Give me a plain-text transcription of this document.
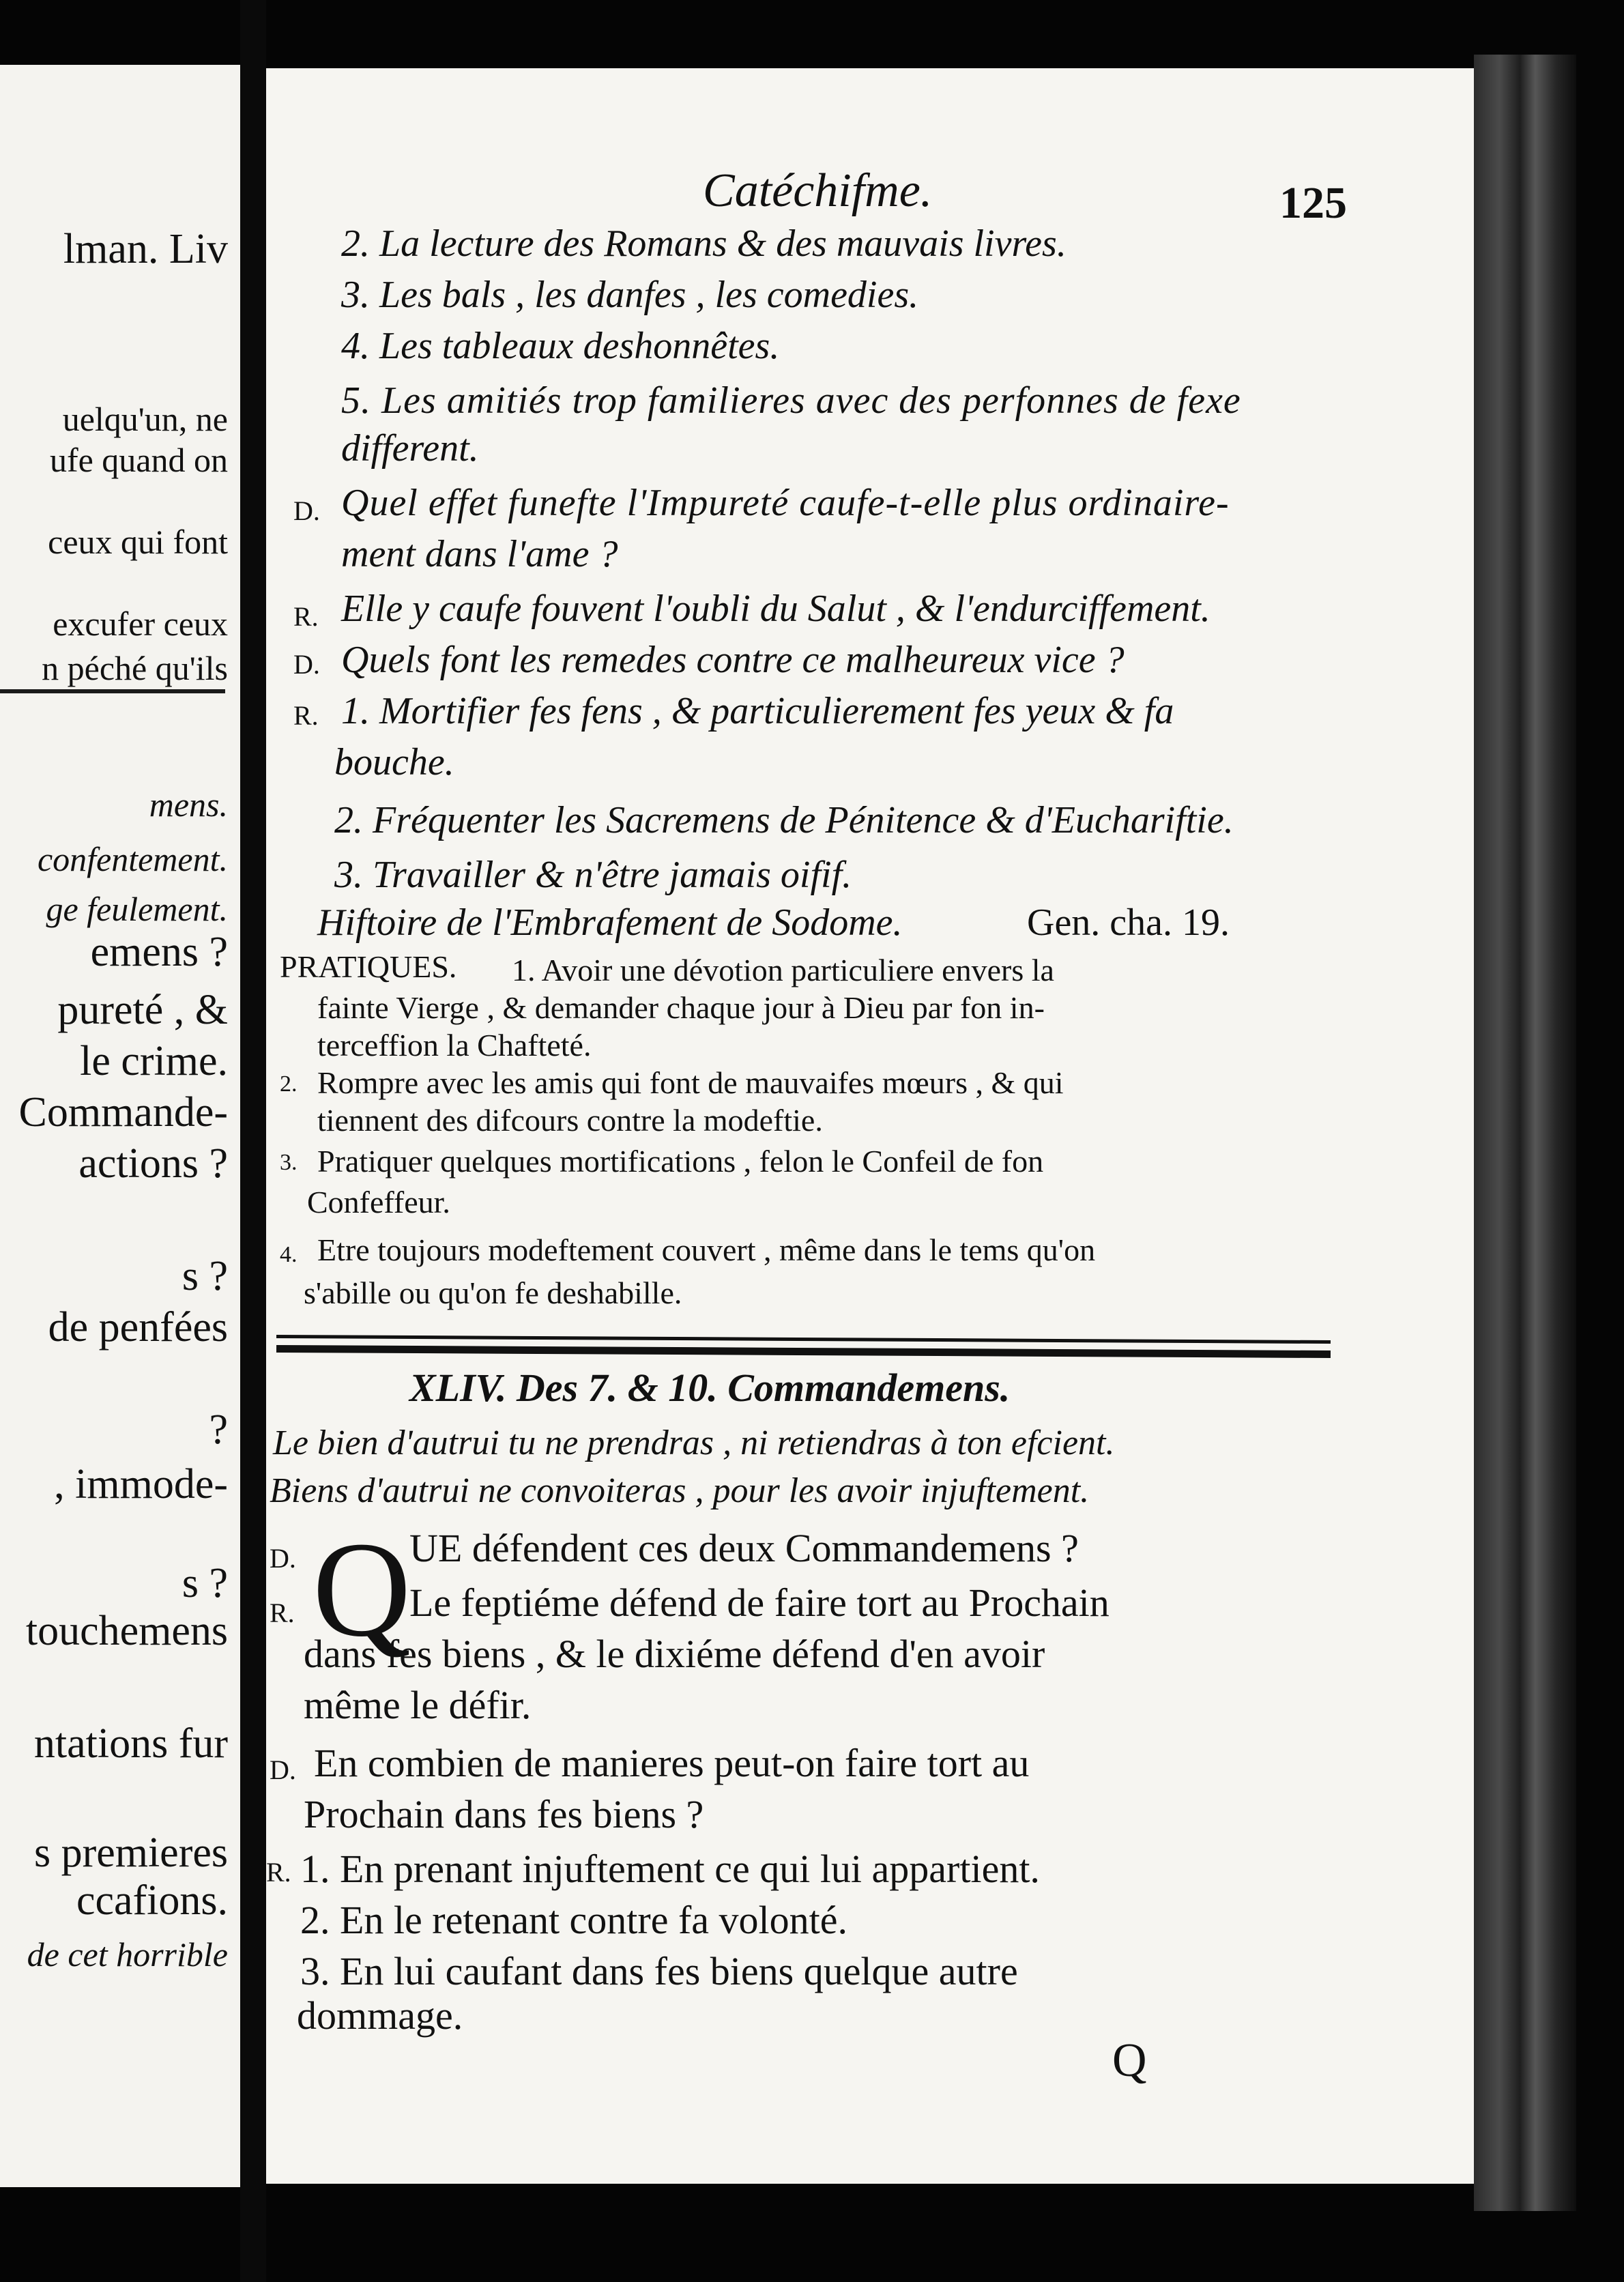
lman. Liv
uelqu'un, ne
ufe quand on
ceux qui font
excufer ceux
n péché qu'ils
mens.
confentement.
ge feulement.
emens ?
pureté , &
le crime.
Commande-
actions ?
s ?
de penfées
?
, immode-
s ?
touchemens
ntations fur
s premieres
ccafions.
de cet horrible
Catéchifme.	125
2. La lecture des Romans & des mauvais livres.
3. Les bals , les danfes , les comedies.
4. Les tableaux deshonnêtes.
5. Les amitiés trop familieres avec des perfonnes de fexe
different.
D. Quel effet funefte l'Impureté caufe-t-elle plus ordinaire-
ment dans l'ame ?
R. Elle y caufe fouvent l'oubli du Salut , & l'endurciffement.
D. Quels font les remedes contre ce malheureux vice ?
R. 1. Mortifier fes fens , & particulierement fes yeux & fa
bouche.
2. Fréquenter les Sacremens de Pénitence & d'Euchariftie.
3. Travailler & n'être jamais oifif.
Hiftoire de l'Embrafement de Sodome.	Gen. cha. 19.
PRATIQUES. 1. Avoir une dévotion particuliere envers la
fainte Vierge , & demander chaque jour à Dieu par fon in-
terceffion la Chafteté.
2. Rompre avec les amis qui font de mauvaifes mœurs , & qui
tiennent des difcours contre la modeftie.
3. Pratiquer quelques mortifications , felon le Confeil de fon
Confeffeur.
4. Etre toujours modeftement couvert , même dans le tems qu'on
s'abille ou qu'on fe deshabille.
XLIV. Des 7. & 10. Commandemens.
Le bien d'autrui tu ne prendras , ni retiendras à ton efcient.
Biens d'autrui ne convoiteras , pour les avoir injuftement.
Q
D.	UE défendent ces deux Commandemens ?
R.	Le feptiéme défend de faire tort au Prochain
dans fes biens , & le dixiéme défend d'en avoir
même le défir.
D. En combien de manieres peut-on faire tort au
Prochain dans fes biens ?
R. 1. En prenant injuftement ce qui lui appartient.
2. En le retenant contre fa volonté.
3. En lui caufant dans fes biens quelque autre
dommage.
Q
